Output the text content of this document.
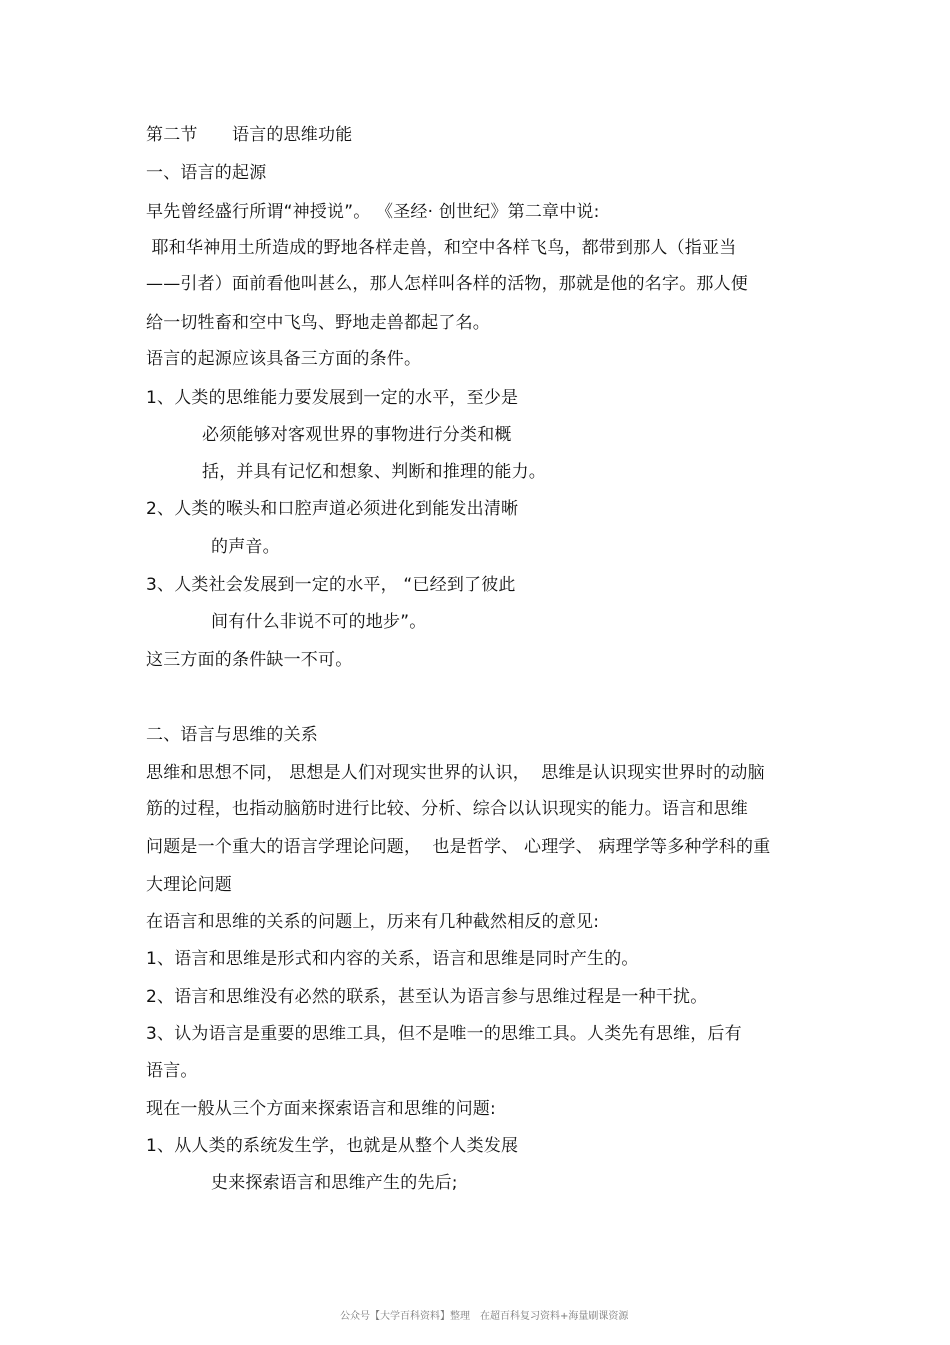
第二节　　语言的思维功能
一、语言的起源
早先曾经盛行所谓“神授说”。 《圣经· 创世纪》第二章中说:
耶和华神用土所造成的野地各样走兽，和空中各样飞鸟，都带到那人（指亚当
——引者）面前看他叫甚么，那人怎样叫各样的活物，那就是他的名字。那人便
给一切牲畜和空中飞鸟、野地走兽都起了名。
语言的起源应该具备三方面的条件。
1、人类的思维能力要发展到一定的水平，至少是
必须能够对客观世界的事物进行分类和概
括，并具有记忆和想象、判断和推理的能力。
2、人类的喉头和口腔声道必须进化到能发出清晰
的声音。
3、人类社会发展到一定的水平， “已经到了彼此
间有什么非说不可的地步”。
这三方面的条件缺一不可。
二、语言与思维的关系
思维和思想不同， 思想是人们对现实世界的认识，  思维是认识现实世界时的动脑
筋的过程，也指动脑筋时进行比较、分析、综合以认识现实的能力。语言和思维
问题是一个重大的语言学理论问题，  也是哲学、 心理学、 病理学等多种学科的重
大理论问题
在语言和思维的关系的问题上，历来有几种截然相反的意见:
1、语言和思维是形式和内容的关系，语言和思维是同时产生的。
2、语言和思维没有必然的联系，甚至认为语言参与思维过程是一种干扰。
3、认为语言是重要的思维工具，但不是唯一的思维工具。人类先有思维，后有
语言。
现在一般从三个方面来探索语言和思维的问题:
1、从人类的系统发生学，也就是从整个人类发展
史来探索语言和思维产生的先后;
公众号【大学百科资料】整理　在超百科复习资料+海量刷课资源
